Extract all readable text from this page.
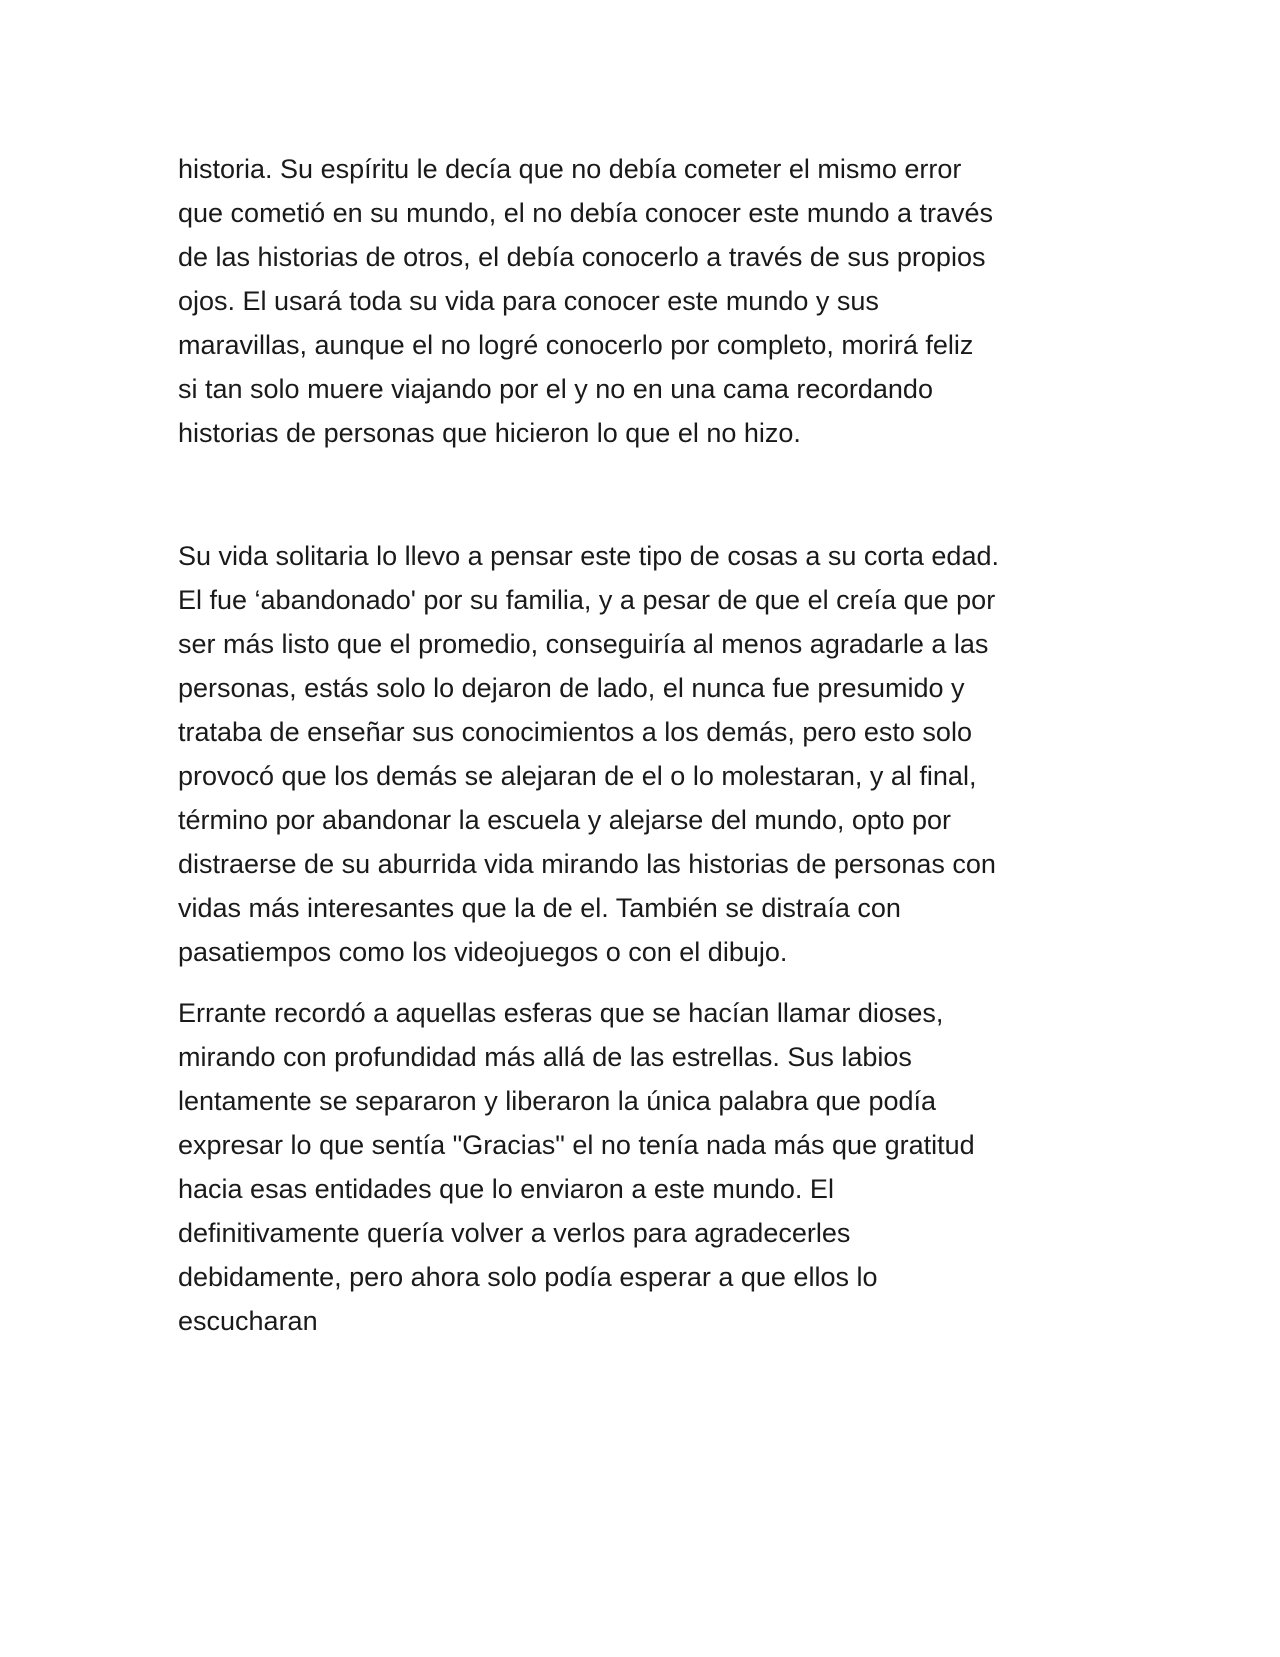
historia. Su espíritu le decía que no debía cometer el mismo error
que cometió en su mundo, el no debía conocer este mundo a través
de las historias de otros, el debía conocerlo a través de sus propios
ojos. El usará toda su vida para conocer este mundo y sus
maravillas, aunque el no logré conocerlo por completo, morirá feliz
si tan solo muere viajando por el y no en una cama recordando
historias de personas que hicieron lo que el no hizo.

Su vida solitaria lo llevo a pensar este tipo de cosas a su corta edad.
El fue ‘abandonado' por su familia, y a pesar de que el creía que por
ser más listo que el promedio, conseguiría al menos agradarle a las
personas, estás solo lo dejaron de lado, el nunca fue presumido y
trataba de enseñar sus conocimientos a los demás, pero esto solo
provocó que los demás se alejaran de el o lo molestaran, y al final,
término por abandonar la escuela y alejarse del mundo, opto por
distraerse de su aburrida vida mirando las historias de personas con
vidas más interesantes que la de el. También se distraía con
pasatiempos como los videojuegos o con el dibujo.

Errante recordó a aquellas esferas que se hacían llamar dioses,
mirando con profundidad más allá de las estrellas. Sus labios
lentamente se separaron y liberaron la única palabra que podía
expresar lo que sentía "Gracias" el no tenía nada más que gratitud
hacia esas entidades que lo enviaron a este mundo. El
definitivamente quería volver a verlos para agradecerles
debidamente, pero ahora solo podía esperar a que ellos lo
escucharan
